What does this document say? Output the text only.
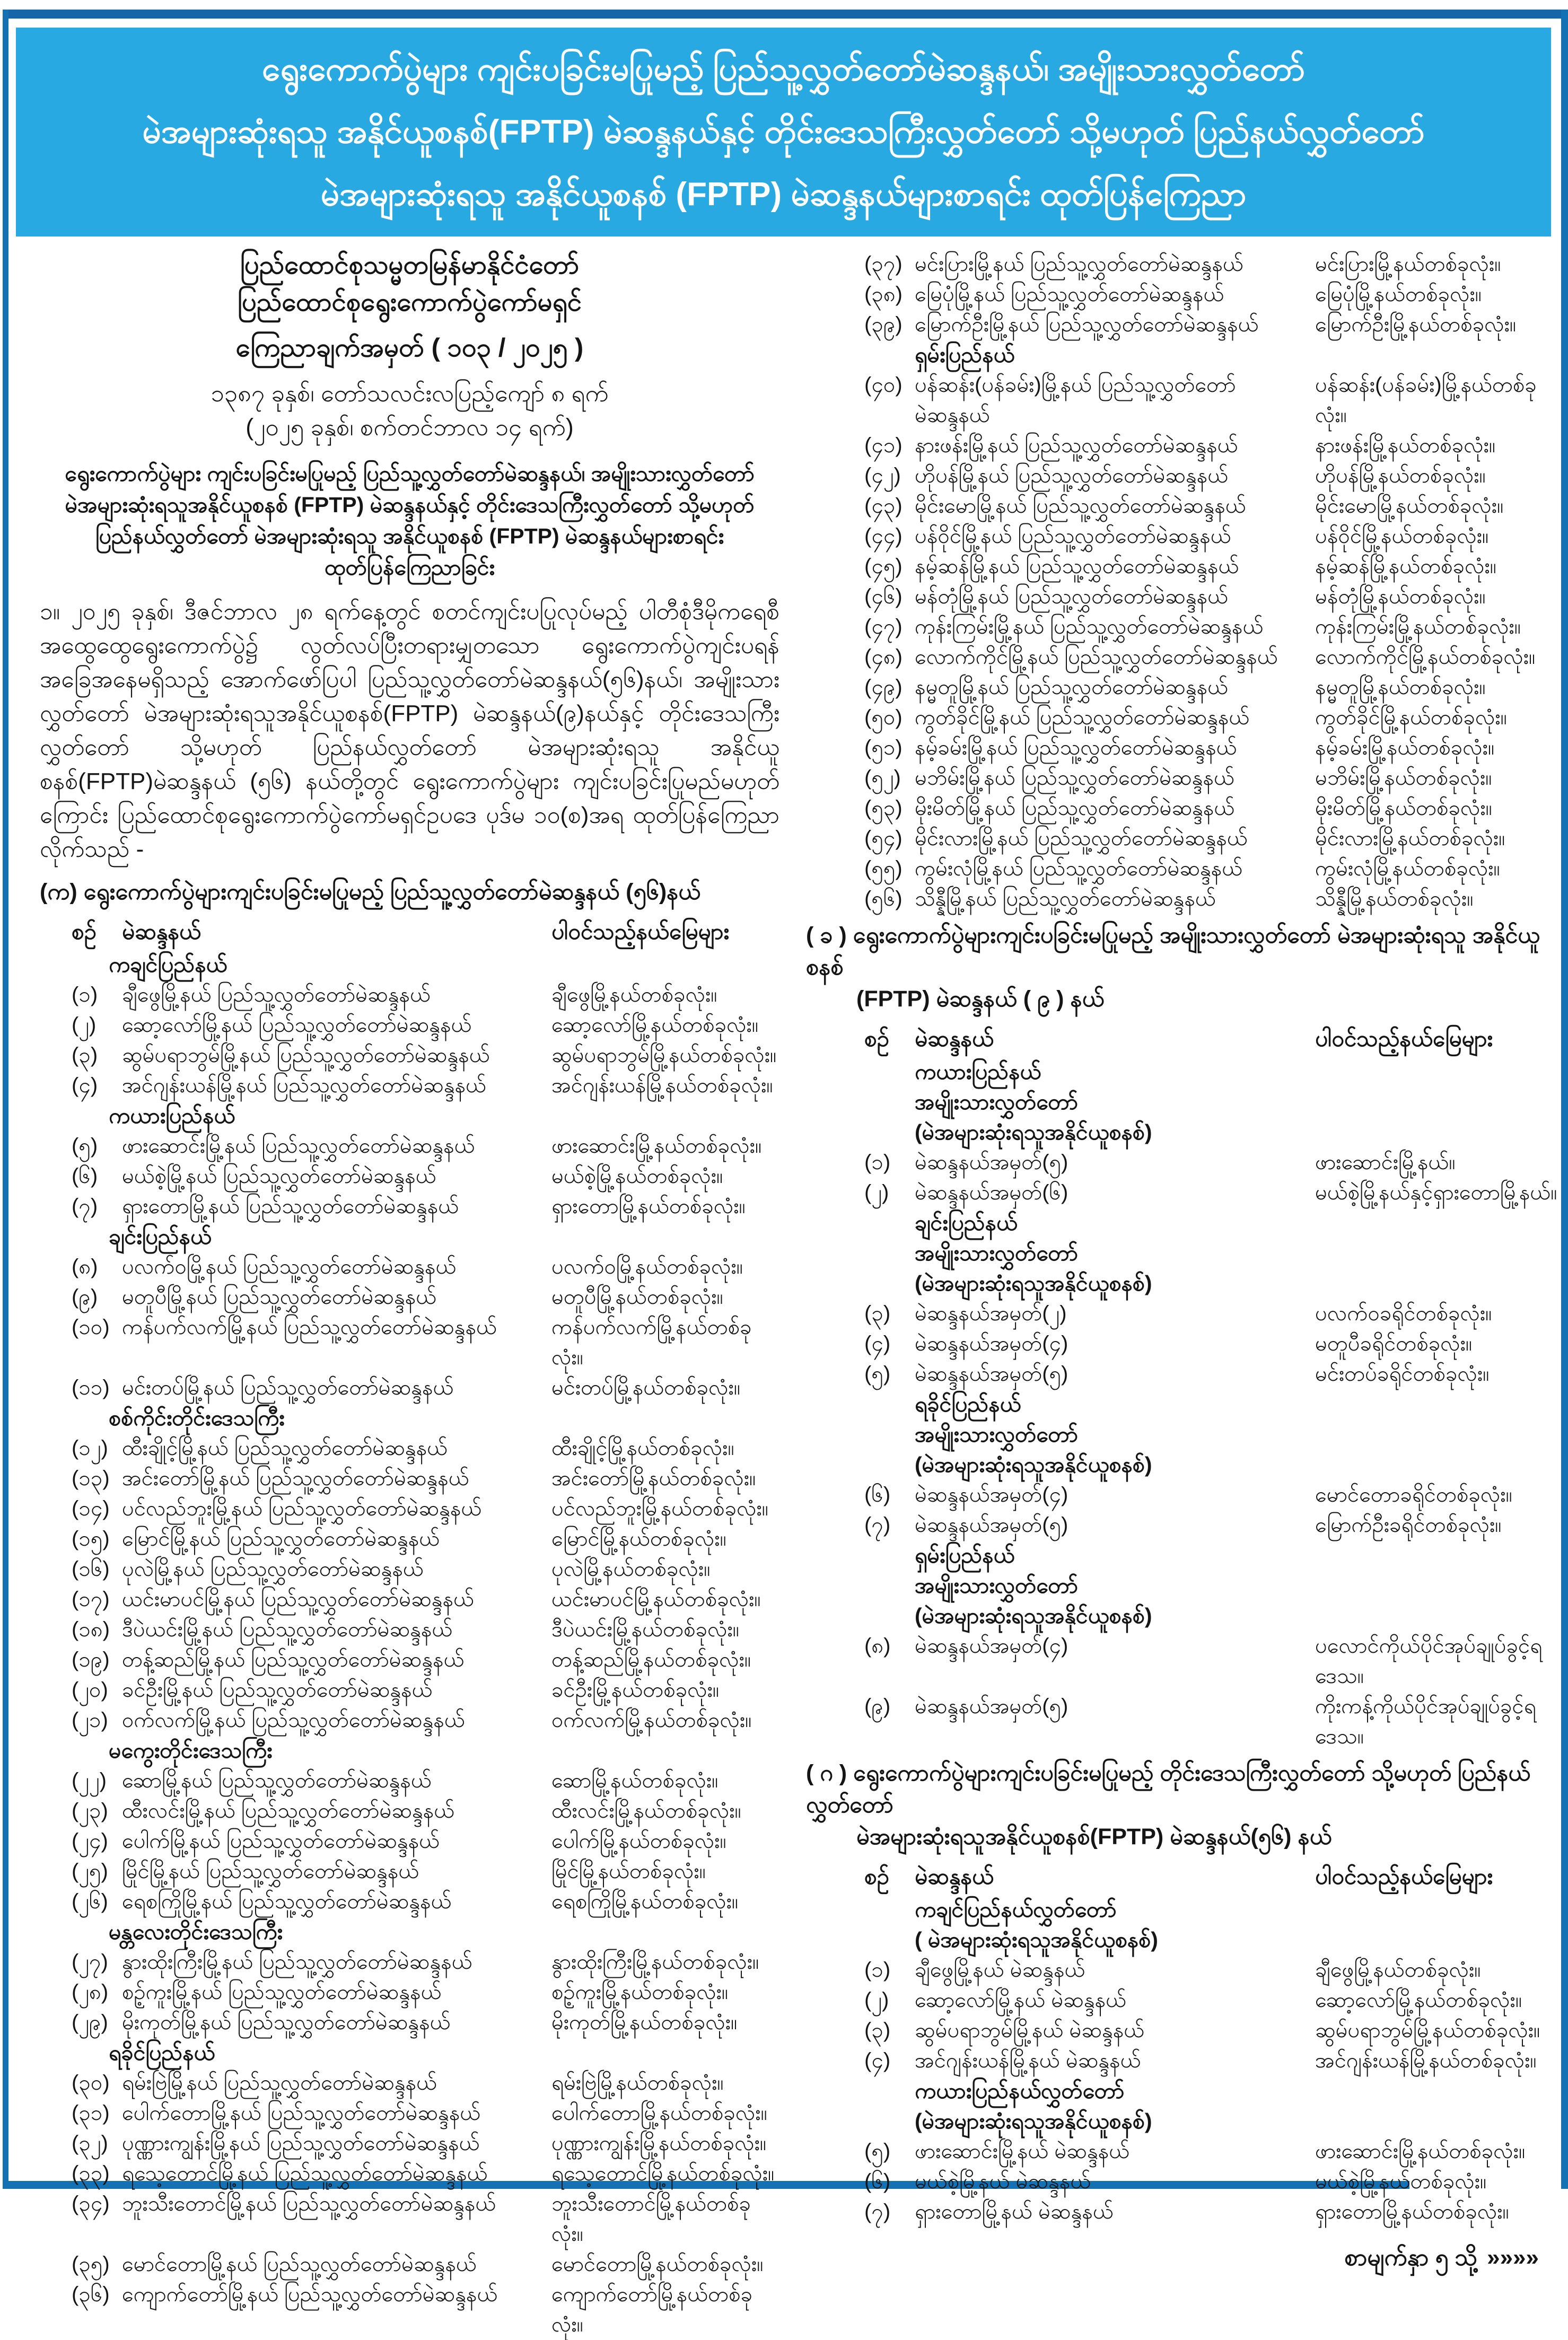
ရွေးကောက်ပွဲများ ကျင်းပခြင်းမပြုမည့် ပြည်သူ့လွှတ်တော်မဲဆန္ဒနယ်၊ အမျိုးသားလွှတ်တော်
မဲအများဆုံးရသူ အနိုင်ယူစနစ်(FPTP) မဲဆန္ဒနယ်နှင့် တိုင်းဒေသကြီးလွှတ်တော် သို့မဟုတ် ပြည်နယ်လွှတ်တော်
မဲအများဆုံးရသူ အနိုင်ယူစနစ် (FPTP) မဲဆန္ဒနယ်များစာရင်း ထုတ်ပြန်ကြေညာ
ပြည်ထောင်စုသမ္မတမြန်မာနိုင်ငံတော်
ပြည်ထောင်စုရွေးကောက်ပွဲကော်မရှင်
ကြေညာချက်အမှတ် ( ၁၀၃ / ၂၀၂၅ )
၁၃၈၇ ခုနှစ်၊ တော်သလင်းလပြည့်ကျော် ၈ ရက်
(၂၀၂၅ ခုနှစ်၊ စက်တင်ဘာလ ၁၄ ရက်)
ရွေးကောက်ပွဲများ ကျင်းပခြင်းမပြုမည့် ပြည်သူ့လွှတ်တော်မဲဆန္ဒနယ်၊ အမျိုးသားလွှတ်တော်
မဲအများဆုံးရသူအနိုင်ယူစနစ် (FPTP) မဲဆန္ဒနယ်နှင့် တိုင်းဒေသကြီးလွှတ်တော် သို့မဟုတ်
ပြည်နယ်လွှတ်တော် မဲအများဆုံးရသူ အနိုင်ယူစနစ် (FPTP) မဲဆန္ဒနယ်များစာရင်း ထုတ်ပြန်ကြေညာခြင်း
၁။ ၂၀၂၅ ခုနှစ်၊ ဒီဇင်ဘာလ ၂၈ ရက်နေ့တွင် စတင်ကျင်းပပြုလုပ်မည့် ပါတီစုံဒီမိုကရေစီ အထွေထွေရွေးကောက်ပွဲ၌ လွတ်လပ်ပြီးတရားမျှတသော ရွေးကောက်ပွဲကျင်းပရန် အခြေအနေမရှိသည့် အောက်ဖော်ပြပါ ပြည်သူ့လွှတ်တော်မဲဆန္ဒနယ်(၅၆)နယ်၊ အမျိုးသားလွှတ်တော် မဲအများဆုံးရသူအနိုင်ယူစနစ်(FPTP) မဲဆန္ဒနယ်(၉)နယ်နှင့် တိုင်းဒေသကြီးလွှတ်တော် သို့မဟုတ် ပြည်နယ်လွှတ်တော် မဲအများဆုံးရသူ အနိုင်ယူစနစ်(FPTP)မဲဆန္ဒနယ် (၅၆) နယ်တို့တွင် ရွေးကောက်ပွဲများ ကျင်းပခြင်းပြုမည်မဟုတ်ကြောင်း ပြည်ထောင်စုရွေးကောက်ပွဲကော်မရှင်ဥပဒေ ပုဒ်မ ၁၀(စ)အရ ထုတ်ပြန်ကြေညာလိုက်သည် -
(က) ရွေးကောက်ပွဲများကျင်းပခြင်းမပြုမည့် ပြည်သူ့လွှတ်တော်မဲဆန္ဒနယ် (၅၆)နယ်
စဉ်	မဲဆန္ဒနယ်	ပါဝင်သည့်နယ်မြေများ
ကချင်ပြည်နယ်
(၁)	ချီဖွေမြို့နယ် ပြည်သူ့လွှတ်တော်မဲဆန္ဒနယ်	ချီဖွေမြို့နယ်တစ်ခုလုံး။
(၂)	ဆော့လော်မြို့နယ် ပြည်သူ့လွှတ်တော်မဲဆန္ဒနယ်	ဆော့လော်မြို့နယ်တစ်ခုလုံး။
(၃)	ဆွမ်ပရာဘွမ်မြို့နယ် ပြည်သူ့လွှတ်တော်မဲဆန္ဒနယ်	ဆွမ်ပရာဘွမ်မြို့နယ်တစ်ခုလုံး။
(၄)	အင်ဂျန်းယန်မြို့နယ် ပြည်သူ့လွှတ်တော်မဲဆန္ဒနယ်	အင်ဂျန်းယန်မြို့နယ်တစ်ခုလုံး။
ကယားပြည်နယ်
(၅)	ဖားဆောင်းမြို့နယ် ပြည်သူ့လွှတ်တော်မဲဆန္ဒနယ်	ဖားဆောင်းမြို့နယ်တစ်ခုလုံး။
(၆)	မယ်စဲ့မြို့နယ် ပြည်သူ့လွှတ်တော်မဲဆန္ဒနယ်	မယ်စဲ့မြို့နယ်တစ်ခုလုံး။
(၇)	ရှားတောမြို့နယ် ပြည်သူ့လွှတ်တော်မဲဆန္ဒနယ်	ရှားတောမြို့နယ်တစ်ခုလုံး။
ချင်းပြည်နယ်
(၈)	ပလက်ဝမြို့နယ် ပြည်သူ့လွှတ်တော်မဲဆန္ဒနယ်	ပလက်ဝမြို့နယ်တစ်ခုလုံး။
(၉)	မတူပီမြို့နယ် ပြည်သူ့လွှတ်တော်မဲဆန္ဒနယ်	မတူပီမြို့နယ်တစ်ခုလုံး။
(၁၀) ကန်ပက်လက်မြို့နယ် ပြည်သူ့လွှတ်တော်မဲဆန္ဒနယ်	ကန်ပက်လက်မြို့နယ်တစ်ခုလုံး။
(၁၁) မင်းတပ်မြို့နယ် ပြည်သူ့လွှတ်တော်မဲဆန္ဒနယ်	မင်းတပ်မြို့နယ်တစ်ခုလုံး။
စစ်ကိုင်းတိုင်းဒေသကြီး
(၁၂) ထီးချိုင့်မြို့နယ် ပြည်သူ့လွှတ်တော်မဲဆန္ဒနယ်	ထီးချိုင့်မြို့နယ်တစ်ခုလုံး။
(၁၃) အင်းတော်မြို့နယ် ပြည်သူ့လွှတ်တော်မဲဆန္ဒနယ်	အင်းတော်မြို့နယ်တစ်ခုလုံး။
(၁၄) ပင်လည်ဘူးမြို့နယ် ပြည်သူ့လွှတ်တော်မဲဆန္ဒနယ်	ပင်လည်ဘူးမြို့နယ်တစ်ခုလုံး။
(၁၅) မြောင်မြို့နယ် ပြည်သူ့လွှတ်တော်မဲဆန္ဒနယ်	မြောင်မြို့နယ်တစ်ခုလုံး။
(၁၆) ပုလဲမြို့နယ် ပြည်သူ့လွှတ်တော်မဲဆန္ဒနယ်	ပုလဲမြို့နယ်တစ်ခုလုံး။
(၁၇) ယင်းမာပင်မြို့နယ် ပြည်သူ့လွှတ်တော်မဲဆန္ဒနယ်	ယင်းမာပင်မြို့နယ်တစ်ခုလုံး။
(၁၈) ဒီပဲယင်းမြို့နယ် ပြည်သူ့လွှတ်တော်မဲဆန္ဒနယ်	ဒီပဲယင်းမြို့နယ်တစ်ခုလုံး။
(၁၉) တန့်ဆည်မြို့နယ် ပြည်သူ့လွှတ်တော်မဲဆန္ဒနယ်	တန့်ဆည်မြို့နယ်တစ်ခုလုံး။
(၂၀) ခင်ဦးမြို့နယ် ပြည်သူ့လွှတ်တော်မဲဆန္ဒနယ်	ခင်ဦးမြို့နယ်တစ်ခုလုံး။
(၂၁) ဝက်လက်မြို့နယ် ပြည်သူ့လွှတ်တော်မဲဆန္ဒနယ်	ဝက်လက်မြို့နယ်တစ်ခုလုံး။
မကွေးတိုင်းဒေသကြီး
(၂၂) ဆောမြို့နယ် ပြည်သူ့လွှတ်တော်မဲဆန္ဒနယ်	ဆောမြို့နယ်တစ်ခုလုံး။
(၂၃) ထီးလင်းမြို့နယ် ပြည်သူ့လွှတ်တော်မဲဆန္ဒနယ်	ထီးလင်းမြို့နယ်တစ်ခုလုံး။
(၂၄) ပေါက်မြို့နယ် ပြည်သူ့လွှတ်တော်မဲဆန္ဒနယ်	ပေါက်မြို့နယ်တစ်ခုလုံး။
(၂၅) မြိုင်မြို့နယ် ပြည်သူ့လွှတ်တော်မဲဆန္ဒနယ်	မြိုင်မြို့နယ်တစ်ခုလုံး။
(၂၆) ရေစကြိုမြို့နယ် ပြည်သူ့လွှတ်တော်မဲဆန္ဒနယ်	ရေစကြိုမြို့နယ်တစ်ခုလုံး။
မန္တလေးတိုင်းဒေသကြီး
(၂၇) နွားထိုးကြီးမြို့နယ် ပြည်သူ့လွှတ်တော်မဲဆန္ဒနယ်	နွားထိုးကြီးမြို့နယ်တစ်ခုလုံး။
(၂၈) စဉ့်ကူးမြို့နယ် ပြည်သူ့လွှတ်တော်မဲဆန္ဒနယ်	စဉ့်ကူးမြို့နယ်တစ်ခုလုံး။
(၂၉) မိုးကုတ်မြို့နယ် ပြည်သူ့လွှတ်တော်မဲဆန္ဒနယ်	မိုးကုတ်မြို့နယ်တစ်ခုလုံး။
ရခိုင်ပြည်နယ်
(၃၀) ရမ်းဗြဲမြို့နယ် ပြည်သူ့လွှတ်တော်မဲဆန္ဒနယ်	ရမ်းဗြဲမြို့နယ်တစ်ခုလုံး။
(၃၁) ပေါက်တောမြို့နယ် ပြည်သူ့လွှတ်တော်မဲဆန္ဒနယ်	ပေါက်တောမြို့နယ်တစ်ခုလုံး။
(၃၂) ပုဏ္ဏားကျွန်းမြို့နယ် ပြည်သူ့လွှတ်တော်မဲဆန္ဒနယ်	ပုဏ္ဏားကျွန်းမြို့နယ်တစ်ခုလုံး။
(၃၃) ရသေ့တောင်မြို့နယ် ပြည်သူ့လွှတ်တော်မဲဆန္ဒနယ်	ရသေ့တောင်မြို့နယ်တစ်ခုလုံး။
(၃၄) ဘူးသီးတောင်မြို့နယ် ပြည်သူ့လွှတ်တော်မဲဆန္ဒနယ်	ဘူးသီးတောင်မြို့နယ်တစ်ခုလုံး။
(၃၅) မောင်တောမြို့နယ် ပြည်သူ့လွှတ်တော်မဲဆန္ဒနယ်	မောင်တောမြို့နယ်တစ်ခုလုံး။
(၃၆) ကျောက်တော်မြို့နယ် ပြည်သူ့လွှတ်တော်မဲဆန္ဒနယ်	ကျောက်တော်မြို့နယ်တစ်ခုလုံး။
(၃၇) မင်းပြားမြို့နယ် ပြည်သူ့လွှတ်တော်မဲဆန္ဒနယ်	မင်းပြားမြို့နယ်တစ်ခုလုံး။
(၃၈) မြေပုံမြို့နယ် ပြည်သူ့လွှတ်တော်မဲဆန္ဒနယ်	မြေပုံမြို့နယ်တစ်ခုလုံး။
(၃၉) မြောက်ဦးမြို့နယ် ပြည်သူ့လွှတ်တော်မဲဆန္ဒနယ်	မြောက်ဦးမြို့နယ်တစ်ခုလုံး။
ရှမ်းပြည်နယ်
(၄၀) ပန်ဆန်း(ပန်ခမ်း)မြို့နယ် ပြည်သူ့လွှတ်တော်မဲဆန္ဒနယ်
ပန်ဆန်း(ပန်ခမ်း)မြို့နယ်တစ်ခုလုံး။
(၄၁) နားဖန်းမြို့နယ် ပြည်သူ့လွှတ်တော်မဲဆန္ဒနယ်	နားဖန်းမြို့နယ်တစ်ခုလုံး။
(၄၂) ဟိုပန်မြို့နယ် ပြည်သူ့လွှတ်တော်မဲဆန္ဒနယ်	ဟိုပန်မြို့နယ်တစ်ခုလုံး။
(၄၃) မိုင်းမောမြို့နယ် ပြည်သူ့လွှတ်တော်မဲဆန္ဒနယ်	မိုင်းမောမြို့နယ်တစ်ခုလုံး။
(၄၄) ပန်ဝိုင်မြို့နယ် ပြည်သူ့လွှတ်တော်မဲဆန္ဒနယ်	ပန်ဝိုင်မြို့နယ်တစ်ခုလုံး။
(၄၅) နမ့်ဆန်မြို့နယ် ပြည်သူ့လွှတ်တော်မဲဆန္ဒနယ်	နမ့်ဆန်မြို့နယ်တစ်ခုလုံး။
(၄၆) မန်တုံမြို့နယ် ပြည်သူ့လွှတ်တော်မဲဆန္ဒနယ်	မန်တုံမြို့နယ်တစ်ခုလုံး။
(၄၇) ကုန်းကြမ်းမြို့နယ် ပြည်သူ့လွှတ်တော်မဲဆန္ဒနယ်	ကုန်းကြမ်းမြို့နယ်တစ်ခုလုံး။
(၄၈) လောက်ကိုင်မြို့နယ် ပြည်သူ့လွှတ်တော်မဲဆန္ဒနယ်	လောက်ကိုင်မြို့နယ်တစ်ခုလုံး။
(၄၉) နမ္မတူမြို့နယ် ပြည်သူ့လွှတ်တော်မဲဆန္ဒနယ်	နမ္မတူမြို့နယ်တစ်ခုလုံး။
(၅၀) ကွတ်ခိုင်မြို့နယ် ပြည်သူ့လွှတ်တော်မဲဆန္ဒနယ်	ကွတ်ခိုင်မြို့နယ်တစ်ခုလုံး။
(၅၁) နမ့်ခမ်းမြို့နယ် ပြည်သူ့လွှတ်တော်မဲဆန္ဒနယ်	နမ့်ခမ်းမြို့နယ်တစ်ခုလုံး။
(၅၂) မဘိမ်းမြို့နယ် ပြည်သူ့လွှတ်တော်မဲဆန္ဒနယ်	မဘိမ်းမြို့နယ်တစ်ခုလုံး။
(၅၃) မိုးမိတ်မြို့နယ် ပြည်သူ့လွှတ်တော်မဲဆန္ဒနယ်	မိုးမိတ်မြို့နယ်တစ်ခုလုံး။
(၅၄) မိုင်းလားမြို့နယ် ပြည်သူ့လွှတ်တော်မဲဆန္ဒနယ်	မိုင်းလားမြို့နယ်တစ်ခုလုံး။
(၅၅) ကွမ်းလုံမြို့နယ် ပြည်သူ့လွှတ်တော်မဲဆန္ဒနယ်	ကွမ်းလုံမြို့နယ်တစ်ခုလုံး။
(၅၆) သိန္နီမြို့နယ် ပြည်သူ့လွှတ်တော်မဲဆန္ဒနယ်	သိန္နီမြို့နယ်တစ်ခုလုံး။
( ခ ) ရွေးကောက်ပွဲများကျင်းပခြင်းမပြုမည့် အမျိုးသားလွှတ်တော် မဲအများဆုံးရသူ အနိုင်ယူစနစ်
(FPTP) မဲဆန္ဒနယ် ( ၉ ) နယ်
စဉ်	မဲဆန္ဒနယ်	ပါဝင်သည့်နယ်မြေများ
ကယားပြည်နယ်
အမျိုးသားလွှတ်တော်
(မဲအများဆုံးရသူအနိုင်ယူစနစ်)
(၁)	မဲဆန္ဒနယ်အမှတ်(၅)	ဖားဆောင်းမြို့နယ်။
(၂)	မဲဆန္ဒနယ်အမှတ်(၆)	မယ်စဲ့မြို့နယ်နှင့်ရှားတောမြို့နယ်။
ချင်းပြည်နယ်
အမျိုးသားလွှတ်တော်
(မဲအများဆုံးရသူအနိုင်ယူစနစ်)
(၃)	မဲဆန္ဒနယ်အမှတ်(၂)	ပလက်ဝခရိုင်တစ်ခုလုံး။
(၄)	မဲဆန္ဒနယ်အမှတ်(၄)	မတူပီခရိုင်တစ်ခုလုံး။
(၅)	မဲဆန္ဒနယ်အမှတ်(၅)	မင်းတပ်ခရိုင်တစ်ခုလုံး။
ရခိုင်ပြည်နယ်
အမျိုးသားလွှတ်တော်
(မဲအများဆုံးရသူအနိုင်ယူစနစ်)
(၆)	မဲဆန္ဒနယ်အမှတ်(၄)	မောင်တောခရိုင်တစ်ခုလုံး။
(၇)	မဲဆန္ဒနယ်အမှတ်(၅)	မြောက်ဦးခရိုင်တစ်ခုလုံး။
ရှမ်းပြည်နယ်
အမျိုးသားလွှတ်တော်
(မဲအများဆုံးရသူအနိုင်ယူစနစ်)
(၈)	မဲဆန္ဒနယ်အမှတ်(၄)	ပလောင်ကိုယ်ပိုင်အုပ်ချုပ်ခွင့်ရဒေသ။
(၉)	မဲဆန္ဒနယ်အမှတ်(၅)	ကိုးကန့်ကိုယ်ပိုင်အုပ်ချုပ်ခွင့်ရဒေသ။
( ဂ ) ရွေးကောက်ပွဲများကျင်းပခြင်းမပြုမည့် တိုင်းဒေသကြီးလွှတ်တော် သို့မဟုတ် ပြည်နယ်လွှတ်တော်
မဲအများဆုံးရသူအနိုင်ယူစနစ်(FPTP) မဲဆန္ဒနယ်(၅၆) နယ်
စဉ်	မဲဆန္ဒနယ်	ပါဝင်သည့်နယ်မြေများ
ကချင်ပြည်နယ်လွှတ်တော်
( မဲအများဆုံးရသူအနိုင်ယူစနစ်)
(၁)	ချီဖွေမြို့နယ် မဲဆန္ဒနယ်	ချီဖွေမြို့နယ်တစ်ခုလုံး။
(၂)	ဆော့လော်မြို့နယ် မဲဆန္ဒနယ်	ဆော့လော်မြို့နယ်တစ်ခုလုံး။
(၃)	ဆွမ်ပရာဘွမ်မြို့နယ် မဲဆန္ဒနယ်	ဆွမ်ပရာဘွမ်မြို့နယ်တစ်ခုလုံး။
(၄)	အင်ဂျန်းယန်မြို့နယ် မဲဆန္ဒနယ်	အင်ဂျန်းယန်မြို့နယ်တစ်ခုလုံး။
ကယားပြည်နယ်လွှတ်တော်
(မဲအများဆုံးရသူအနိုင်ယူစနစ်)
(၅)	ဖားဆောင်းမြို့နယ် မဲဆန္ဒနယ်	ဖားဆောင်းမြို့နယ်တစ်ခုလုံး။
(၆)	မယ်စဲ့မြို့နယ် မဲဆန္ဒနယ်	မယ်စဲ့မြို့နယ်တစ်ခုလုံး။
(၇)	ရှားတောမြို့နယ် မဲဆန္ဒနယ်	ရှားတောမြို့နယ်တစ်ခုလုံး။
စာမျက်နှာ ၅ သို့ »»»»
